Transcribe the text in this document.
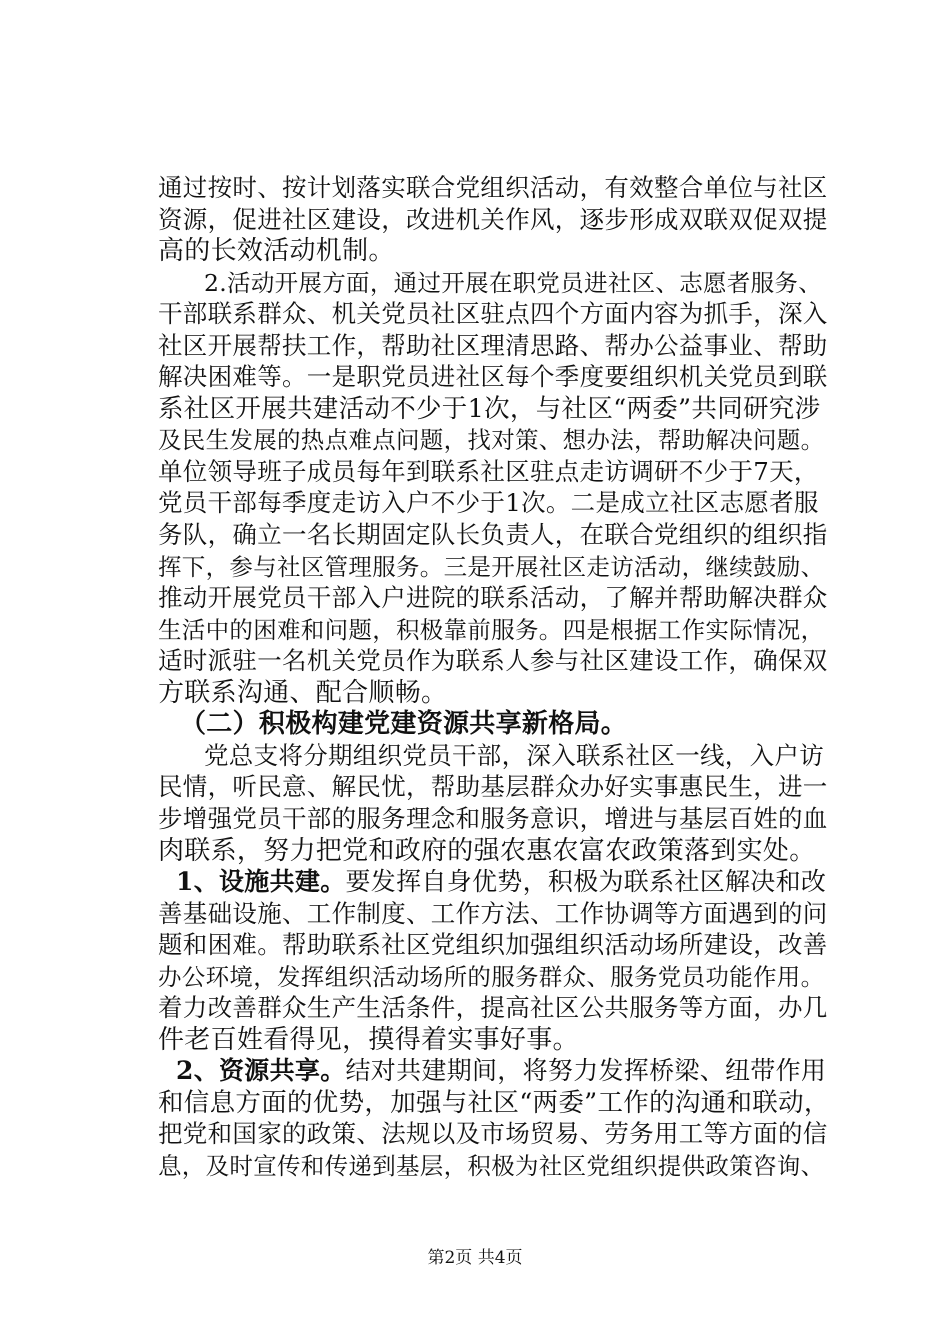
通过按时、按计划落实联合党组织活动，有效整合单位与社区
资源，促进社区建设，改进机关作风，逐步形成双联双促双提
高的长效活动机制。
2.活动开展方面，通过开展在职党员进社区、志愿者服务、
干部联系群众、机关党员社区驻点四个方面内容为抓手，深入
社区开展帮扶工作，帮助社区理清思路、帮办公益事业、帮助
解决困难等。一是职党员进社区每个季度要组织机关党员到联
系社区开展共建活动不少于1次，与社区“两委”共同研究涉
及民生发展的热点难点问题，找对策、想办法，帮助解决问题。
单位领导班子成员每年到联系社区驻点走访调研不少于7天，
党员干部每季度走访入户不少于1次。二是成立社区志愿者服
务队，确立一名长期固定队长负责人，在联合党组织的组织指
挥下，参与社区管理服务。三是开展社区走访活动，继续鼓励、
推动开展党员干部入户进院的联系活动，了解并帮助解决群众
生活中的困难和问题，积极靠前服务。四是根据工作实际情况，
适时派驻一名机关党员作为联系人参与社区建设工作，确保双
方联系沟通、配合顺畅。
（二）积极构建党建资源共享新格局。
党总支将分期组织党员干部，深入联系社区一线，入户访
民情，听民意、解民忧，帮助基层群众办好实事惠民生，进一
步增强党员干部的服务理念和服务意识，增进与基层百姓的血
肉联系，努力把党和政府的强农惠农富农政策落到实处。
1、设施共建。要发挥自身优势，积极为联系社区解决和改
善基础设施、工作制度、工作方法、工作协调等方面遇到的问
题和困难。帮助联系社区党组织加强组织活动场所建设，改善
办公环境，发挥组织活动场所的服务群众、服务党员功能作用。
着力改善群众生产生活条件，提高社区公共服务等方面，办几
件老百姓看得见，摸得着实事好事。
2、资源共享。结对共建期间，将努力发挥桥梁、纽带作用
和信息方面的优势，加强与社区“两委”工作的沟通和联动，
把党和国家的政策、法规以及市场贸易、劳务用工等方面的信
息，及时宣传和传递到基层，积极为社区党组织提供政策咨询、
第2页 共4页
